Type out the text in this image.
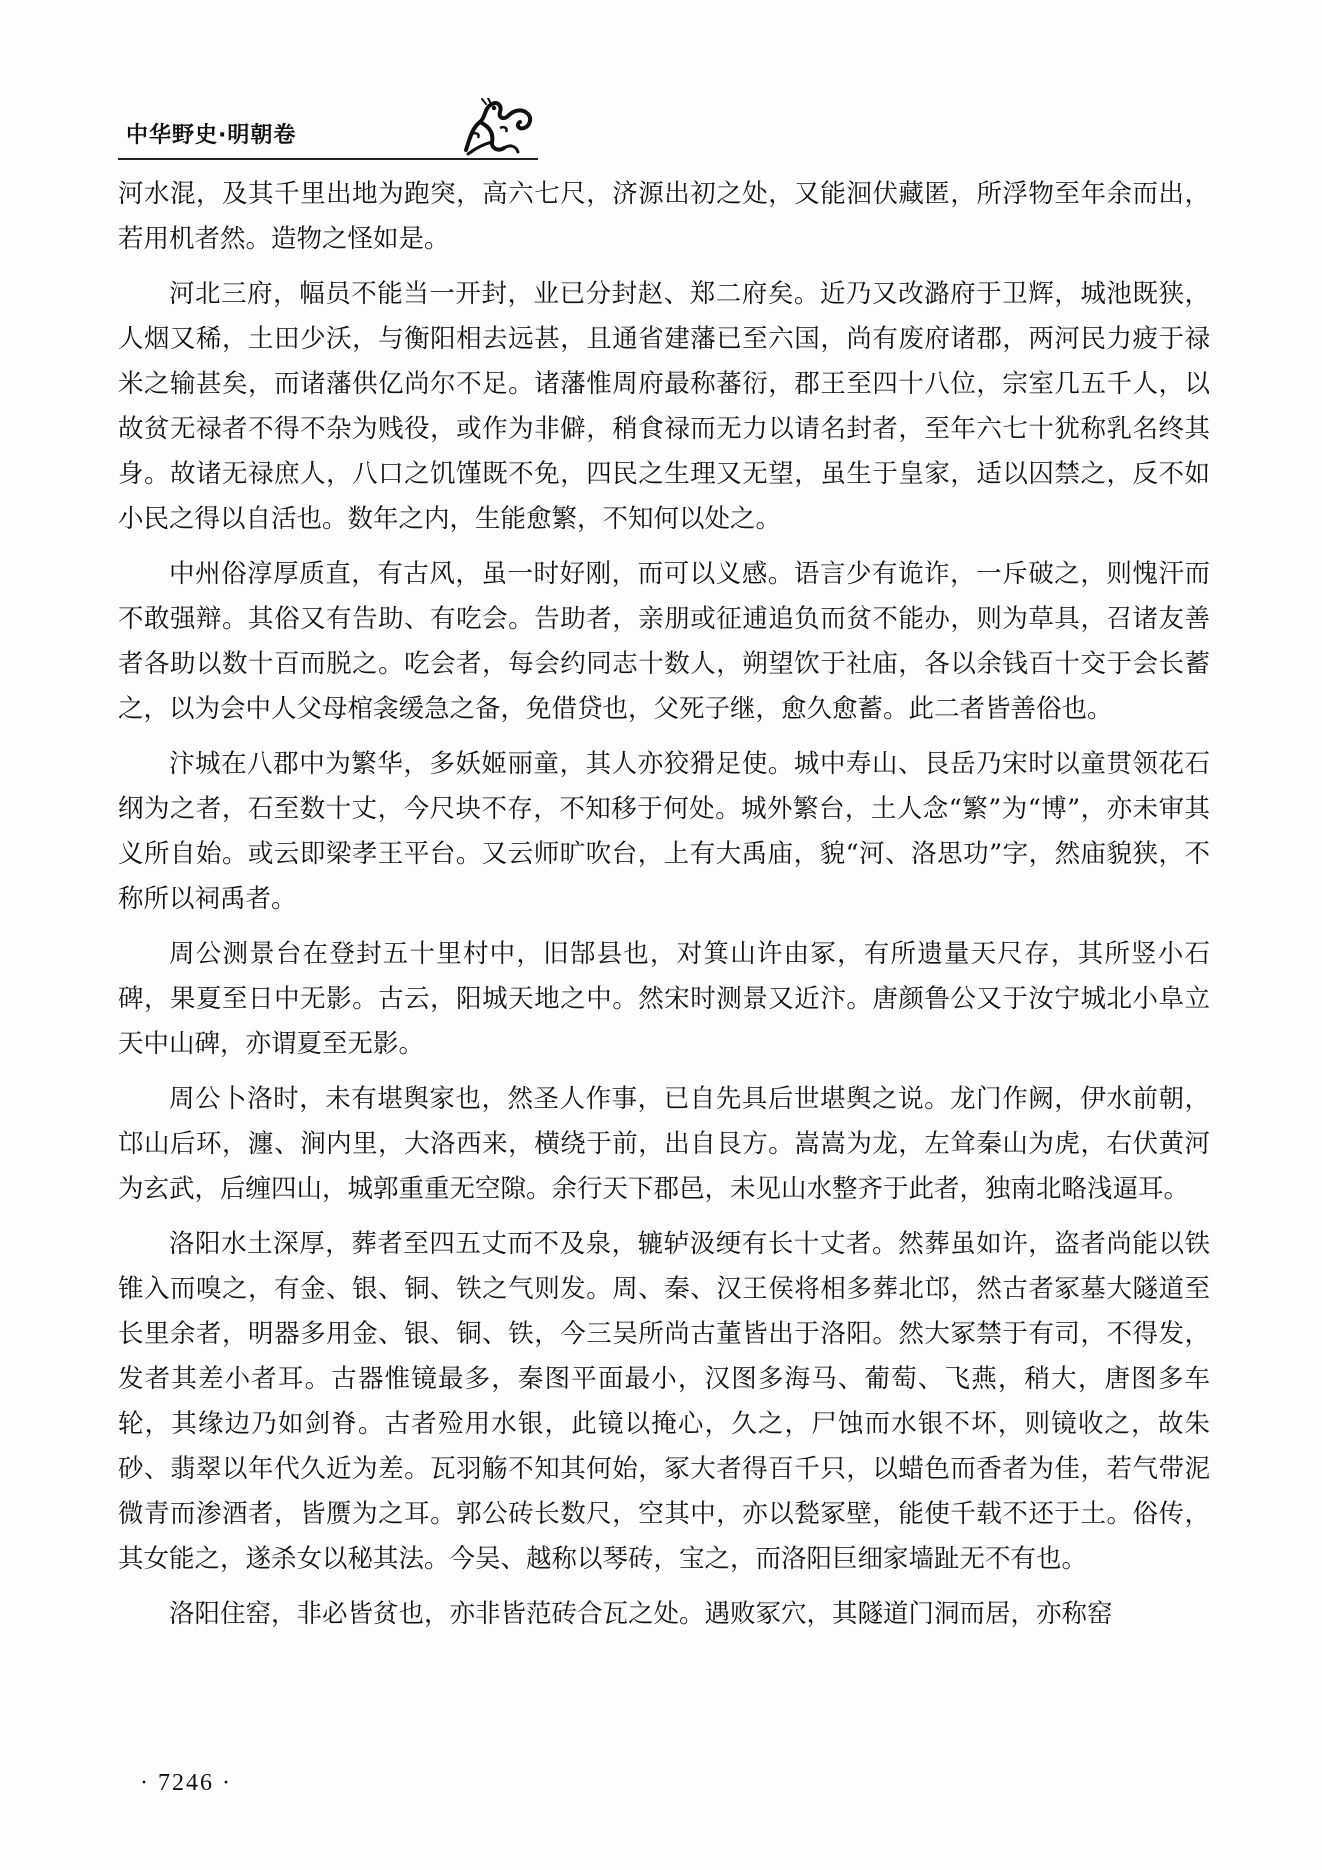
中华野史·明朝卷

河水混，及其千里出地为跑突，高六七尺，济源出初之处，又能洄伏藏匿，所浮物至年余而出，若用机者然。造物之怪如是。

河北三府，幅员不能当一开封，业已分封赵、郑二府矣。近乃又改潞府于卫辉，城池既狭，人烟又稀，土田少沃，与衡阳相去远甚，且通省建藩已至六国，尚有废府诸郡，两河民力疲于禄米之输甚矣，而诸藩供亿尚尔不足。诸藩惟周府最称蕃衍，郡王至四十八位，宗室几五千人，以故贫无禄者不得不杂为贱役，或作为非僻，稍食禄而无力以请名封者，至年六七十犹称乳名终其身。故诸无禄庶人，八口之饥馑既不免，四民之生理又无望，虽生于皇家，适以囚禁之，反不如小民之得以自活也。数年之内，生能愈繁，不知何以处之。

中州俗淳厚质直，有古风，虽一时好刚，而可以义感。语言少有诡诈，一斥破之，则愧汗而不敢强辩。其俗又有告助、有吃会。告助者，亲朋或征逋追负而贫不能办，则为草具，召诸友善者各助以数十百而脱之。吃会者，每会约同志十数人，朔望饮于社庙，各以余钱百十交于会长蓄之，以为会中人父母棺衾缓急之备，免借贷也，父死子继，愈久愈蓄。此二者皆善俗也。

汴城在八郡中为繁华，多妖姬丽童，其人亦狡猾足使。城中寿山、艮岳乃宋时以童贯领花石纲为之者，石至数十丈，今尺块不存，不知移于何处。城外繁台，土人念“繁”为“博”，亦未审其义所自始。或云即梁孝王平台。又云师旷吹台，上有大禹庙，貌“河、洛思功”字，然庙貌狭，不称所以祠禹者。

周公测景台在登封五十里村中，旧郜县也，对箕山许由冢，有所遗量天尺存，其所竖小石碑，果夏至日中无影。古云，阳城天地之中。然宋时测景又近汴。唐颜鲁公又于汝宁城北小阜立天中山碑，亦谓夏至无影。

周公卜洛时，未有堪舆家也，然圣人作事，已自先具后世堪舆之说。龙门作阙，伊水前朝，邙山后环，瀍、涧内里，大洛西来，横绕于前，出自艮方。嵩嵩为龙，左耸秦山为虎，右伏黄河为玄武，后缠四山，城郭重重无空隙。余行天下郡邑，未见山水整齐于此者，独南北略浅逼耳。

洛阳水土深厚，葬者至四五丈而不及泉，辘轳汲绠有长十丈者。然葬虽如许，盗者尚能以铁锥入而嗅之，有金、银、铜、铁之气则发。周、秦、汉王侯将相多葬北邙，然古者冢墓大隧道至长里余者，明器多用金、银、铜、铁，今三吴所尚古董皆出于洛阳。然大冢禁于有司，不得发，发者其差小者耳。古器惟镜最多，秦图平面最小，汉图多海马、葡萄、飞燕，稍大，唐图多车轮，其缘边乃如剑脊。古者殓用水银，此镜以掩心，久之，尸蚀而水银不坏，则镜收之，故朱砂、翡翠以年代久近为差。瓦羽觞不知其何始，冢大者得百千只，以蜡色而香者为佳，若气带泥微青而渗酒者，皆赝为之耳。郭公砖长数尺，空其中，亦以甃冢壁，能使千载不还于土。俗传，其女能之，遂杀女以秘其法。今吴、越称以琴砖，宝之，而洛阳巨细家墙趾无不有也。

洛阳住窑，非必皆贫也，亦非皆范砖合瓦之处。遇败冢穴，其隧道门洞而居，亦称窑

· 7246 ·
